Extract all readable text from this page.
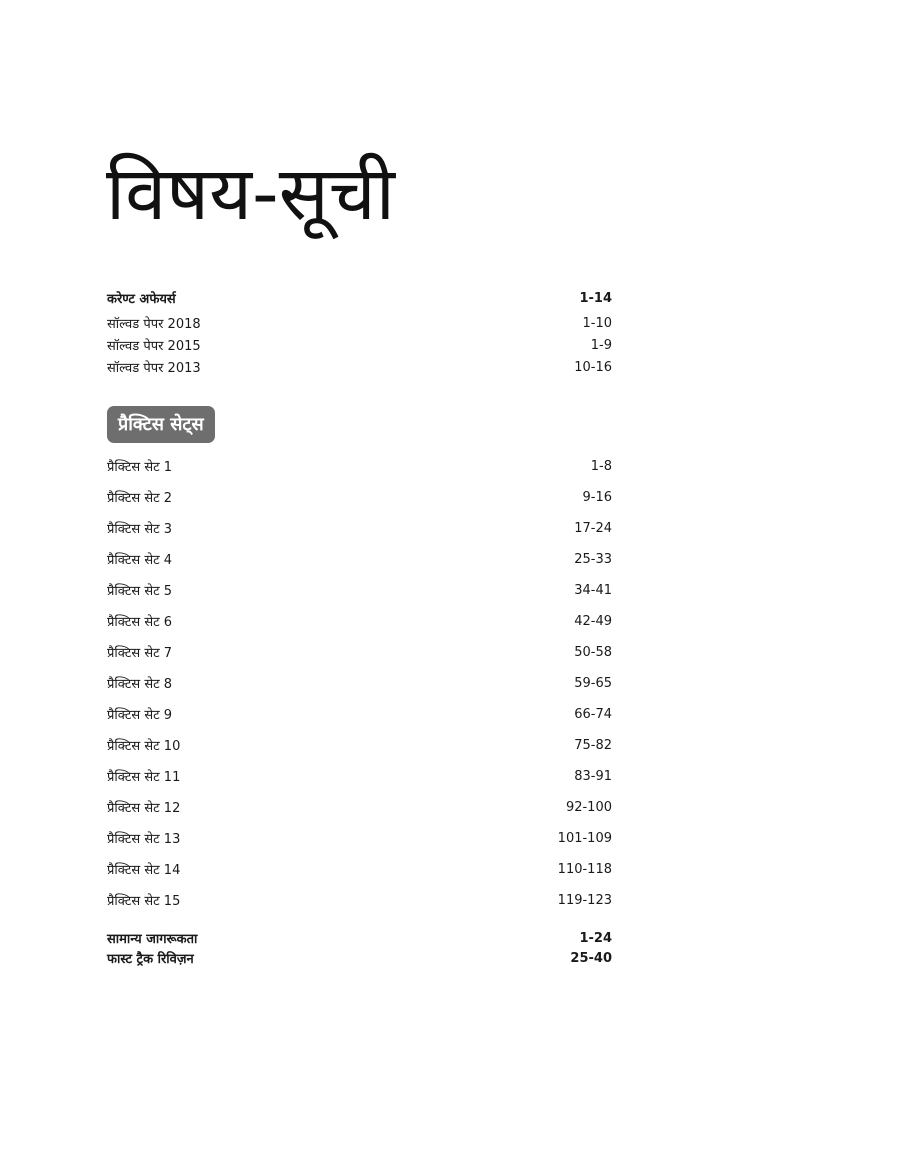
विषय-सूची
करेण्ट अफेयर्स	1-14
सॉल्वड पेपर 2018	1-10
सॉल्वड पेपर 2015	1-9
सॉल्वड पेपर 2013	10-16
प्रैक्टिस सेट्स
प्रैक्टिस सेट 1	1-8
प्रैक्टिस सेट 2	9-16
प्रैक्टिस सेट 3	17-24
प्रैक्टिस सेट 4	25-33
प्रैक्टिस सेट 5	34-41
प्रैक्टिस सेट 6	42-49
प्रैक्टिस सेट 7	50-58
प्रैक्टिस सेट 8	59-65
प्रैक्टिस सेट 9	66-74
प्रैक्टिस सेट 10	75-82
प्रैक्टिस सेट 11	83-91
प्रैक्टिस सेट 12	92-100
प्रैक्टिस सेट 13	101-109
प्रैक्टिस सेट 14	110-118
प्रैक्टिस सेट 15	119-123
सामान्य जागरूकता	1-24
फास्ट ट्रैक रिविज़न	25-40
